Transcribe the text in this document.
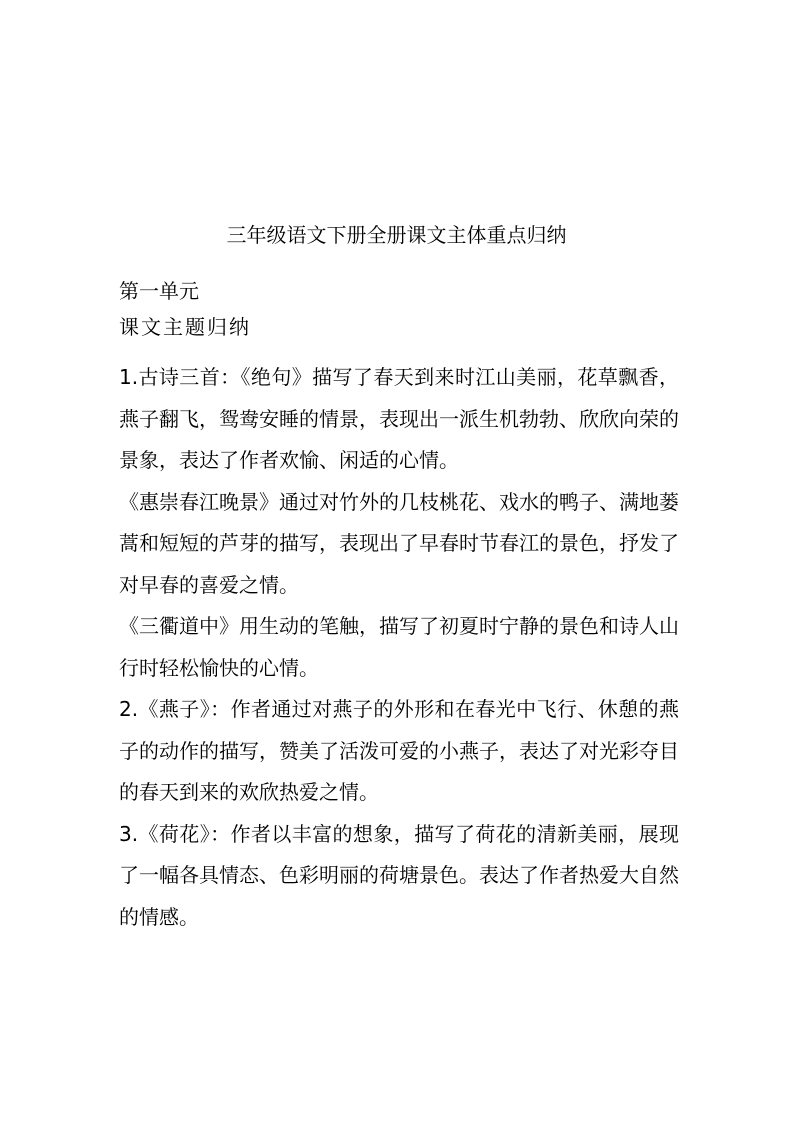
三年级语文下册全册课文主体重点归纳
第一单元
课文主题归纳

1.古诗三首：《绝句》描写了春天到来时江山美丽，花草飘香，燕子翻飞，鸳鸯安睡的情景，表现出一派生机勃勃、欣欣向荣的景象，表达了作者欢愉、闲适的心情。

《惠崇春江晚景》通过对竹外的几枝桃花、戏水的鸭子、满地蒌蒿和短短的芦芽的描写，表现出了早春时节春江的景色，抒发了对早春的喜爱之情。

《三衢道中》用生动的笔触，描写了初夏时宁静的景色和诗人山行时轻松愉快的心情。

2.《燕子》：作者通过对燕子的外形和在春光中飞行、休憩的燕子的动作的描写，赞美了活泼可爱的小燕子，表达了对光彩夺目的春天到来的欢欣热爱之情。

3.《荷花》：作者以丰富的想象，描写了荷花的清新美丽，展现了一幅各具情态、色彩明丽的荷塘景色。表达了作者热爱大自然的情感。
